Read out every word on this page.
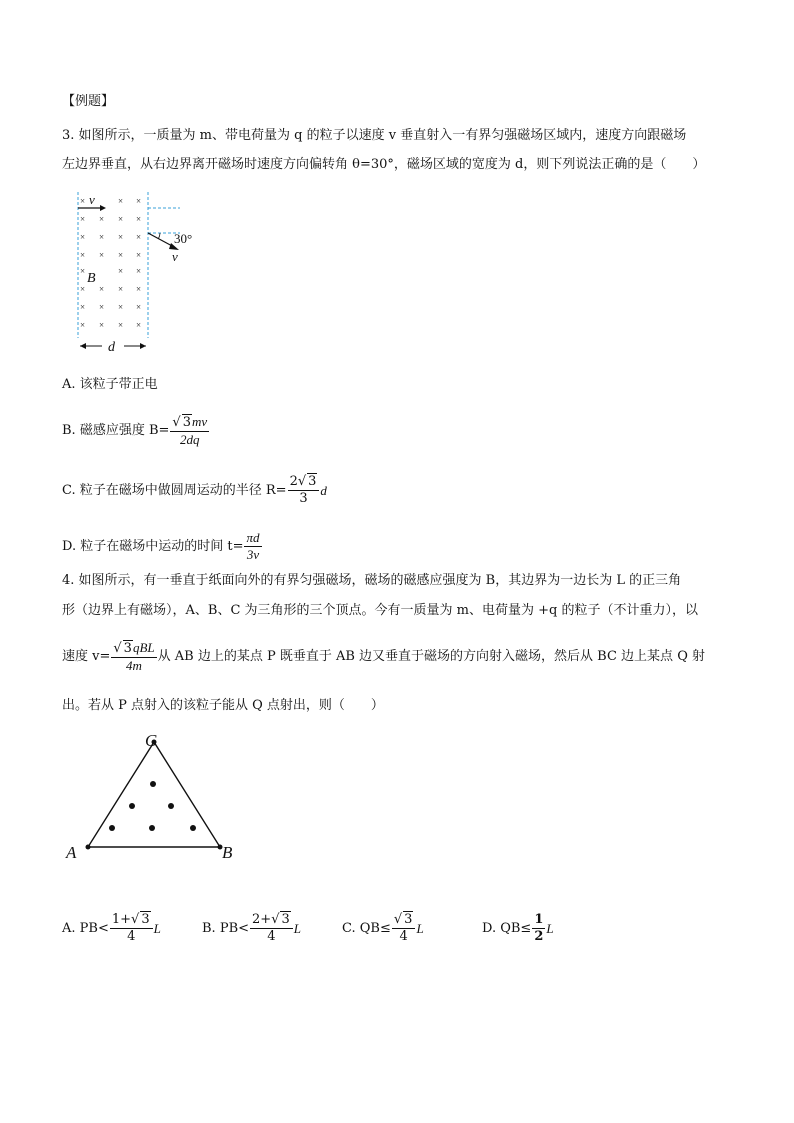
【例题】
3. 如图所示，一质量为 m、带电荷量为 q 的粒子以速度 v 垂直射入一有界匀强磁场区域内，速度方向跟磁场
左边界垂直，从右边界离开磁场时速度方向偏转角 θ=30°，磁场区域的宽度为 d，则下列说法正确的是（　　）
×	× ×
× × × ×
× × × ×
× × × ×
×	× ×
× × ×
×
× × × ×
× × × ×
v
30°
v
B
d
A. 该粒子带正电
B. 磁感应强度 $B= \frac{√ 3mv}{2dq}$
C. 粒子在磁场中做圆周运动的半径 $R= \frac{2√ 3}{3}$ d
D. 粒子在磁场中运动的时间 $t= \frac{\pi d}{3v}$
4. 如图所示，有一垂直于纸面向外的有界匀强磁场，磁场的磁感应强度为 B，其边界为一边长为 L 的正三角
形（边界上有磁场），A、B、C 为三角形的三个顶点。今有一质量为 m、电荷量为 +q 的粒子（不计重力），以
速度 $v= \frac{\text{√ 3qBL}}{4m}$ 从 AB 边上的某点 P 既垂直于 AB 边又垂直于磁场的方向射入磁场，然后从 BC 边上某点 Q 射
出。若从 P 点射入的该粒子能从 Q 点射出，则（　　）
A	B
C
A. $PB< \frac{1+√ 3}{4}$ L	B. $PB< \frac{2+√ 3}{4}$ L	C. $QB\le \frac{√ 3}{4}$ L	D. $QB\le \frac{1}{2}$ L
